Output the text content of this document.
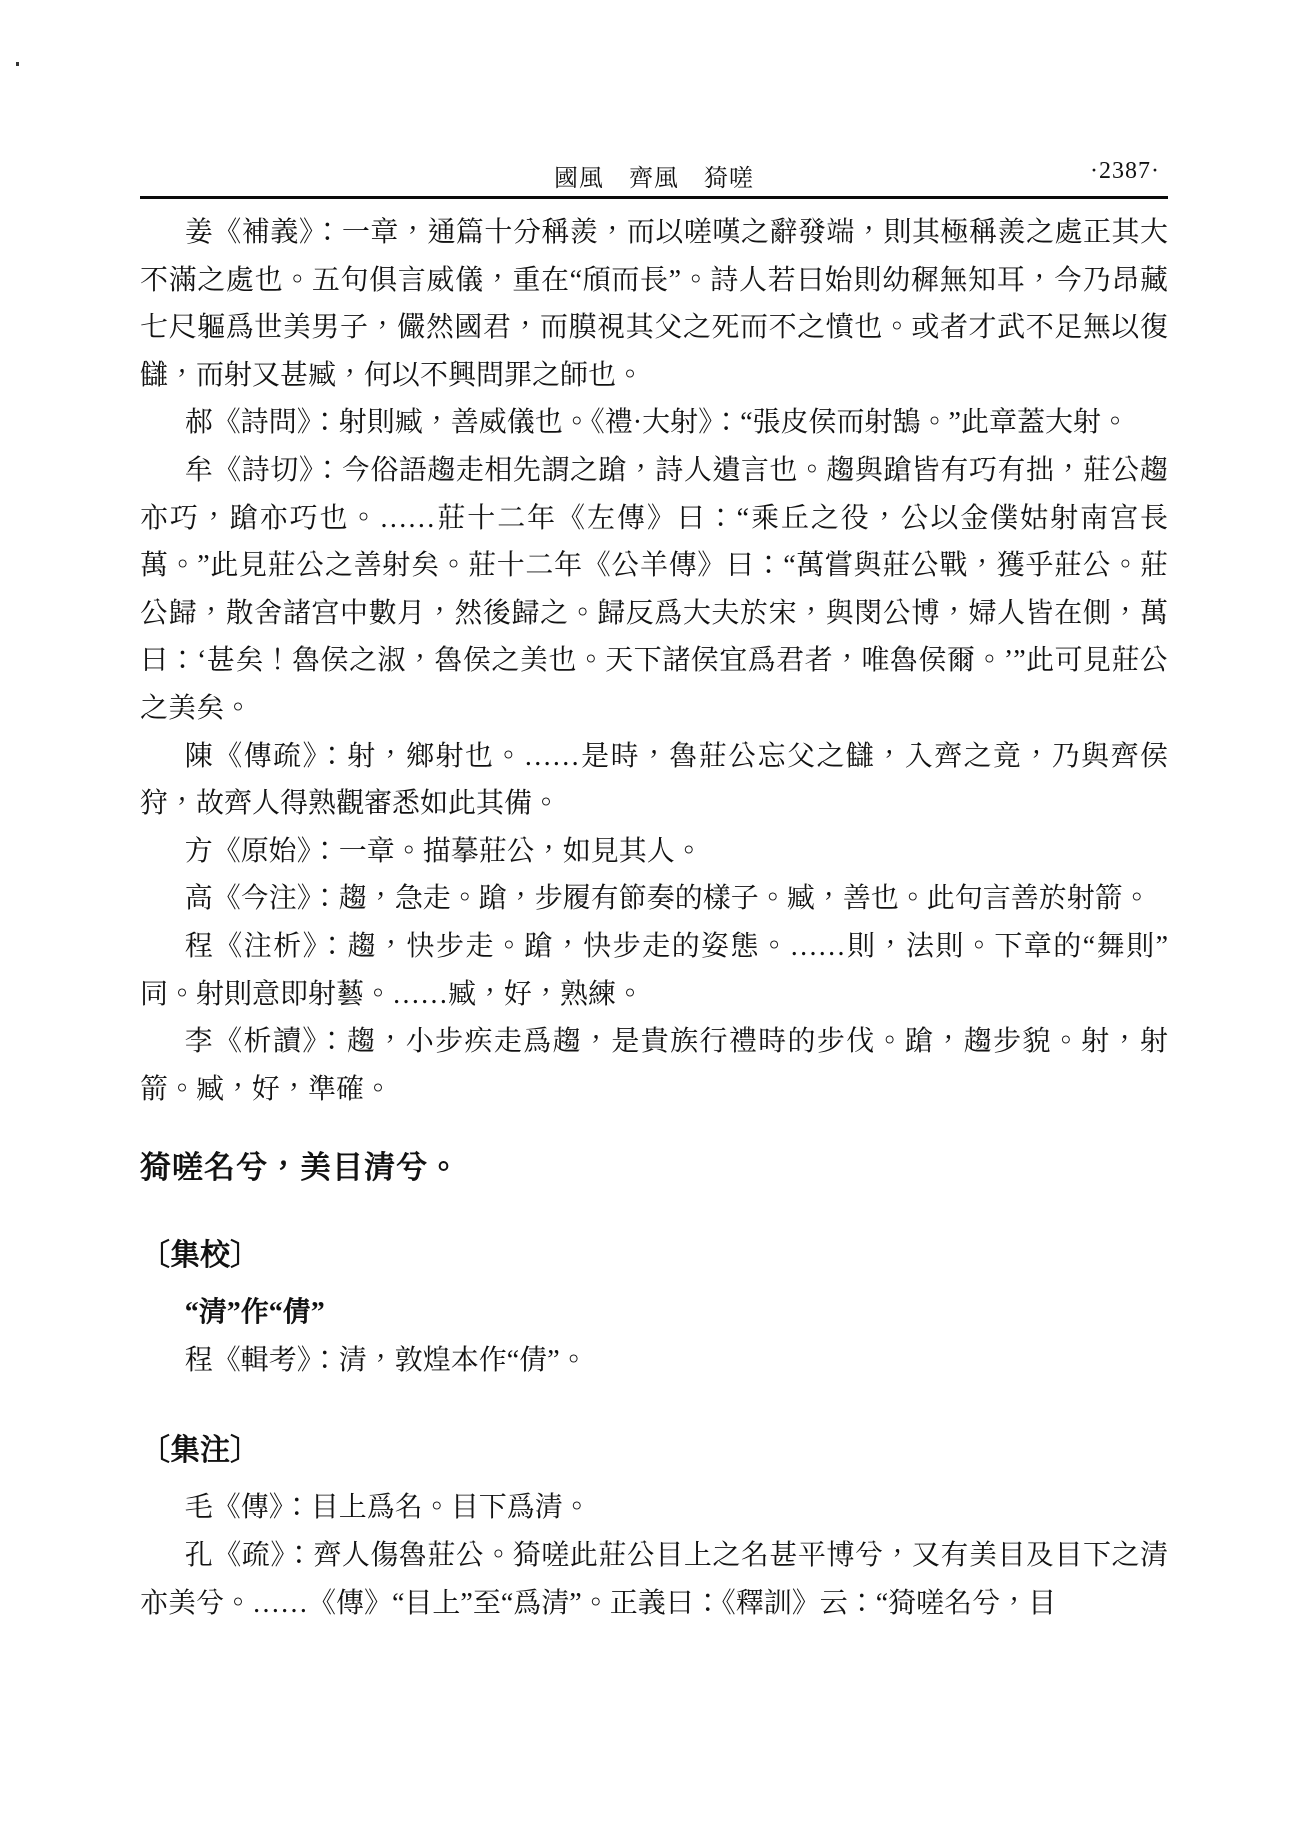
國風　齊風　猗嗟	·2387·

姜《補義》：一章，通篇十分稱羨，而以嗟嘆之辭發端，則其極稱羨之處正其大不滿之處也。五句俱言威儀，重在“頎而長”。詩人若曰始則幼穉無知耳，今乃昂藏七尺軀爲世美男子，儼然國君，而膜視其父之死而不之憤也。或者才武不足無以復讎，而射又甚臧，何以不興問罪之師也。

郝《詩問》：射則臧，善威儀也。《禮·大射》：“張皮侯而射鵠。”此章蓋大射。

牟《詩切》：今俗語趨走相先謂之蹌，詩人遺言也。趨與蹌皆有巧有拙，莊公趨亦巧，蹌亦巧也。……莊十二年《左傳》曰：“乘丘之役，公以金僕姑射南宫長萬。”此見莊公之善射矣。莊十二年《公羊傳》曰：“萬嘗與莊公戰，獲乎莊公。莊公歸，散舍諸宫中數月，然後歸之。歸反爲大夫於宋，與閔公博，婦人皆在側，萬曰：‘甚矣！魯侯之淑，魯侯之美也。天下諸侯宜爲君者，唯魯侯爾。’”此可見莊公之美矣。

陳《傳疏》：射，鄉射也。……是時，魯莊公忘父之讎，入齊之竟，乃與齊侯狩，故齊人得熟觀審悉如此其備。

方《原始》：一章。描摹莊公，如見其人。

高《今注》：趨，急走。蹌，步履有節奏的樣子。臧，善也。此句言善於射箭。

程《注析》：趨，快步走。蹌，快步走的姿態。……則，法則。下章的“舞則”同。射則意即射藝。……臧，好，熟練。

李《析讀》：趨，小步疾走爲趨，是貴族行禮時的步伐。蹌，趨步貌。射，射箭。臧，好，準確。

猗嗟名兮，美目清兮。
〔集校〕

“清”作“倩”

程《輯考》：清，敦煌本作“倩”。

〔集注〕

毛《傳》：目上爲名。目下爲清。

孔《疏》：齊人傷魯莊公。猗嗟此莊公目上之名甚平博兮，又有美目及目下之清亦美兮。……《傳》“目上”至“爲清”。正義曰：《釋訓》云：“猗嗟名兮，目
